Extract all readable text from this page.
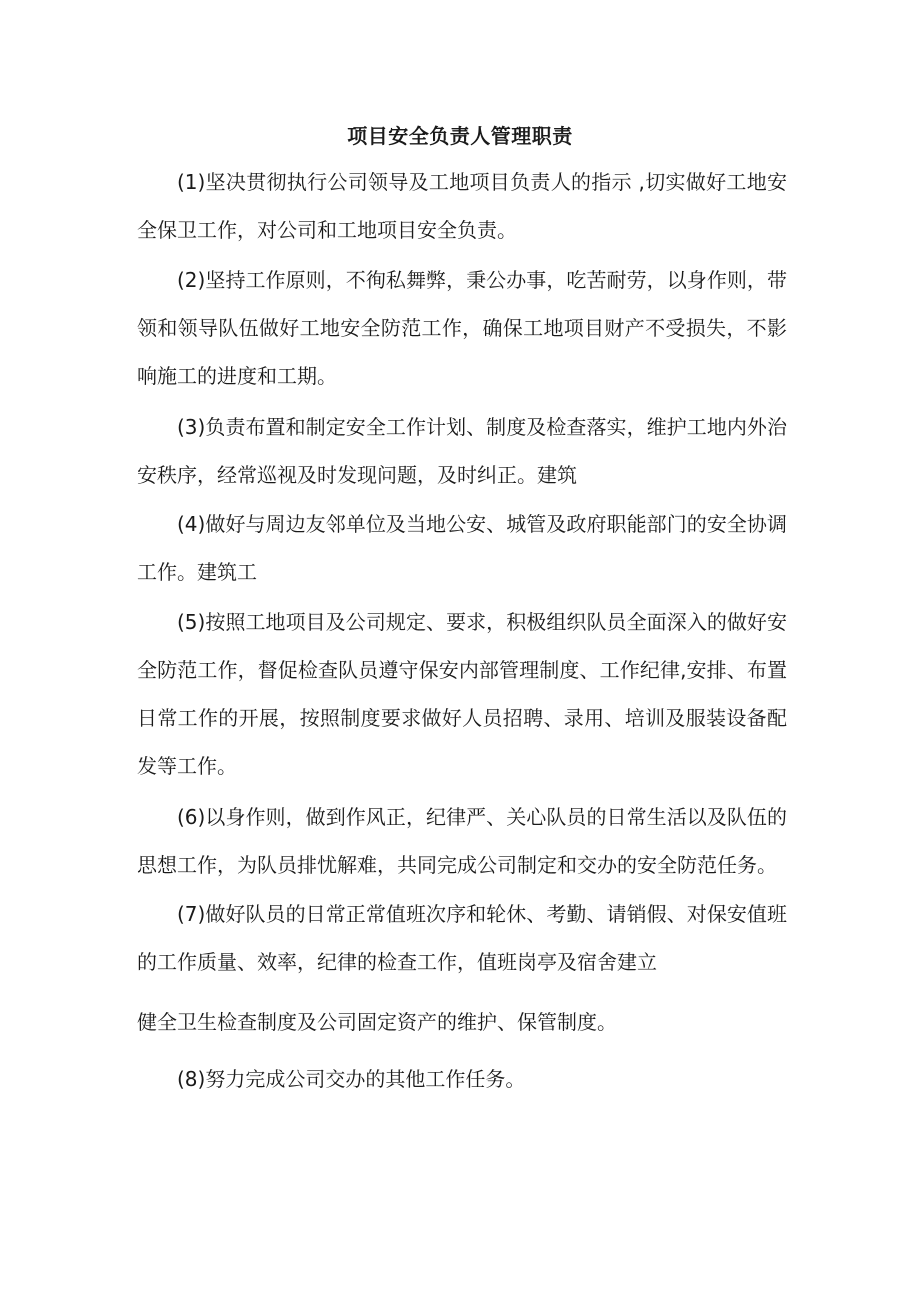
项目安全负责人管理职责

(1)坚决贯彻执行公司领导及工地项目负责人的指示 ,切实做好工地安全保卫工作，对公司和工地项目安全负责。

(2)坚持工作原则，不徇私舞弊，秉公办事，吃苦耐劳，以身作则，带领和领导队伍做好工地安全防范工作，确保工地项目财产不受损失，不影响施工的进度和工期。

(3)负责布置和制定安全工作计划、制度及检查落实，维护工地内外治安秩序，经常巡视及时发现问题，及时纠正。建筑

(4)做好与周边友邻单位及当地公安、城管及政府职能部门的安全协调工作。建筑工

(5)按照工地项目及公司规定、要求，积极组织队员全面深入的做好安全防范工作，督促检查队员遵守保安内部管理制度、工作纪律,安排、布置日常工作的开展，按照制度要求做好人员招聘、录用、培训及服装设备配发等工作。

(6)以身作则，做到作风正，纪律严、关心队员的日常生活以及队伍的思想工作，为队员排忧解难，共同完成公司制定和交办的安全防范任务。

(7)做好队员的日常正常值班次序和轮休、考勤、请销假、对保安值班的工作质量、效率，纪律的检查工作，值班岗亭及宿舍建立

健全卫生检查制度及公司固定资产的维护、保管制度。

(8)努力完成公司交办的其他工作任务。
